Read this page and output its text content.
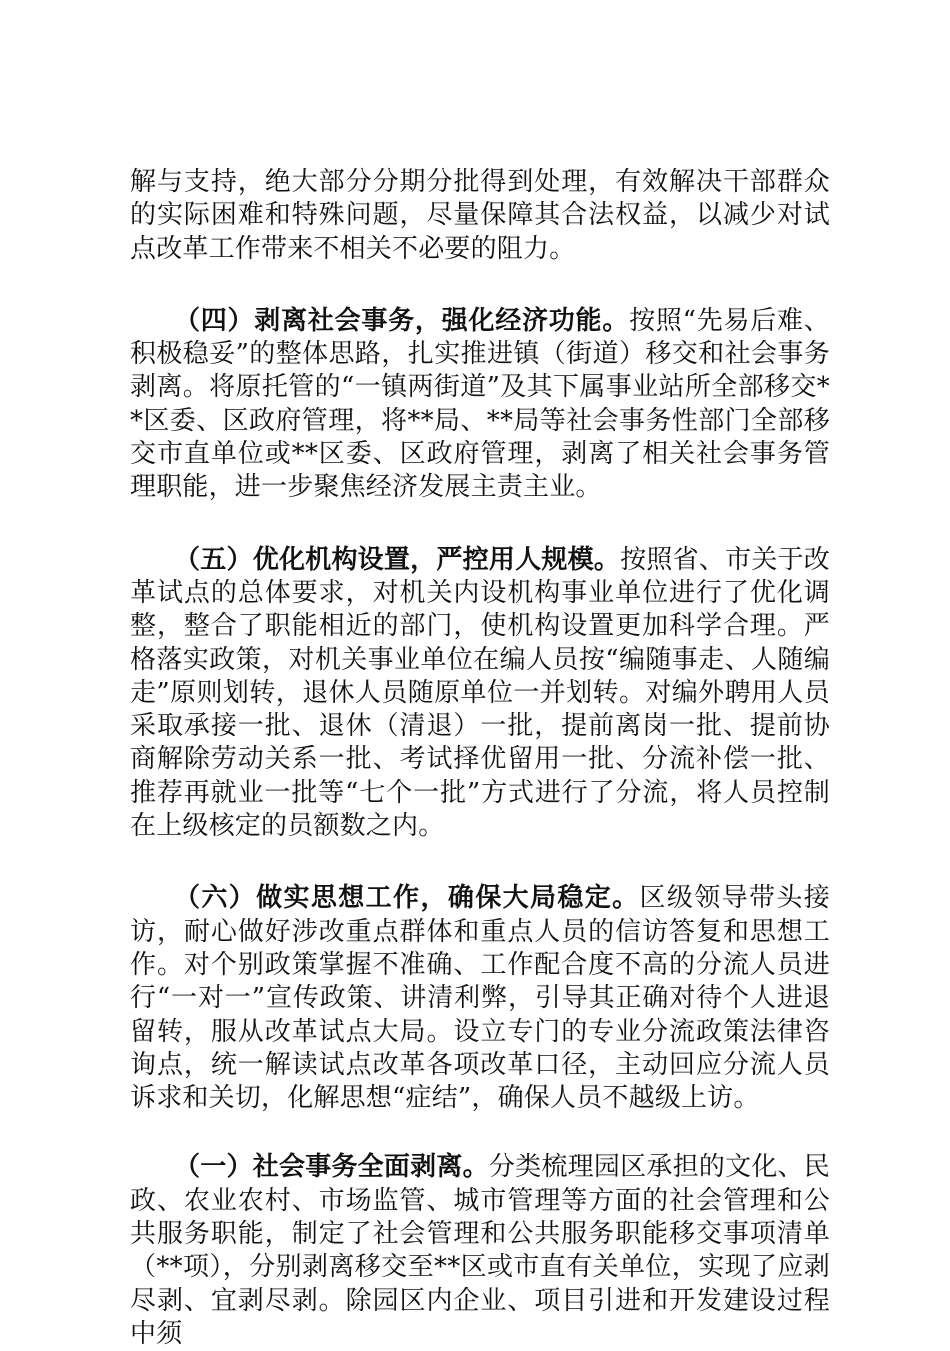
解与支持，绝大部分分期分批得到处理，有效解决干部群众的实际困难和特殊问题，尽量保障其合法权益，以减少对试点改革工作带来不相关不必要的阻力。

（四）剥离社会事务，强化经济功能。按照“先易后难、积极稳妥”的整体思路，扎实推进镇（街道）移交和社会事务剥离。将原托管的“一镇两街道”及其下属事业站所全部移交**区委、区政府管理，将**局、**局等社会事务性部门全部移交市直单位或**区委、区政府管理，剥离了相关社会事务管理职能，进一步聚焦经济发展主责主业。

（五）优化机构设置，严控用人规模。按照省、市关于改革试点的总体要求，对机关内设机构事业单位进行了优化调整，整合了职能相近的部门，使机构设置更加科学合理。严格落实政策，对机关事业单位在编人员按“编随事走、人随编走”原则划转，退休人员随原单位一并划转。对编外聘用人员采取承接一批、退休（清退）一批，提前离岗一批、提前协商解除劳动关系一批、考试择优留用一批、分流补偿一批、推荐再就业一批等“七个一批”方式进行了分流，将人员控制在上级核定的员额数之内。

（六）做实思想工作，确保大局稳定。区级领导带头接访，耐心做好涉改重点群体和重点人员的信访答复和思想工作。对个别政策掌握不准确、工作配合度不高的分流人员进行“一对一”宣传政策、讲清利弊，引导其正确对待个人进退留转，服从改革试点大局。设立专门的专业分流政策法律咨询点，统一解读试点改革各项改革口径，主动回应分流人员诉求和关切，化解思想“症结”，确保人员不越级上访。

（一）社会事务全面剥离。分类梳理园区承担的文化、民政、农业农村、市场监管、城市管理等方面的社会管理和公共服务职能，制定了社会管理和公共服务职能移交事项清单（**项），分别剥离移交至**区或市直有关单位，实现了应剥尽剥、宜剥尽剥。除园区内企业、项目引进和开发建设过程中须
